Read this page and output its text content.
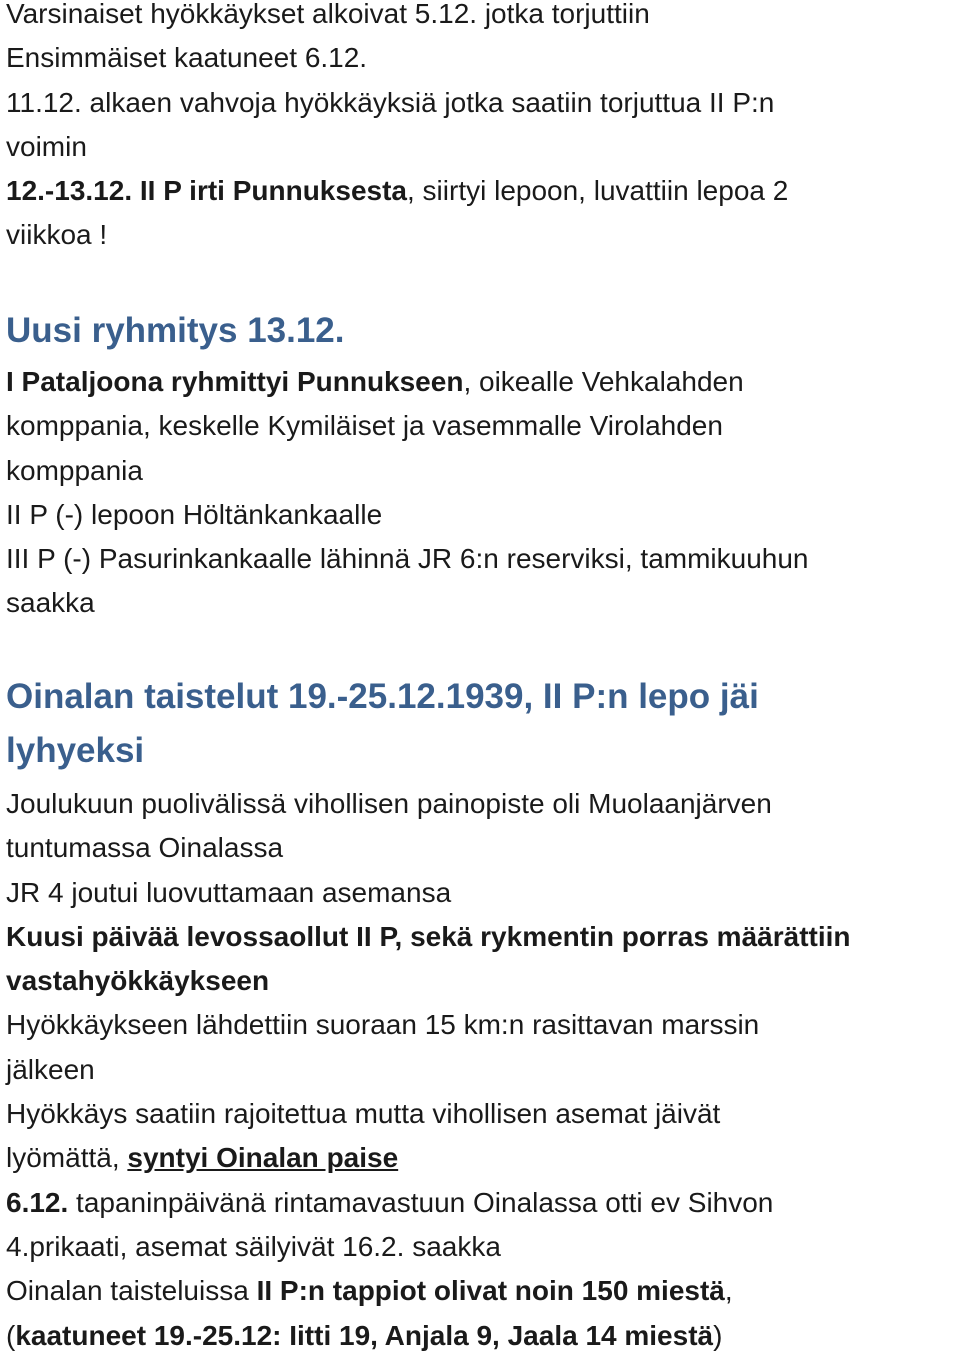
Varsinaiset hyökkäykset alkoivat 5.12. jotka torjuttiin

Ensimmäiset kaatuneet 6.12.

11.12. alkaen vahvoja hyökkäyksiä jotka saatiin torjuttua II P:n

voimin

12.-13.12. II P irti Punnuksesta, siirtyi lepoon, luvattiin lepoa 2

viikkoa !

Uusi ryhmitys 13.12.

I Pataljoona ryhmittyi Punnukseen, oikealle Vehkalahden

komppania, keskelle Kymiläiset ja vasemmalle Virolahden

komppania

II P (-) lepoon Höltänkankaalle

III P (-) Pasurinkankaalle lähinnä JR 6:n reserviksi, tammikuuhun

saakka

Oinalan taistelut 19.-25.12.1939, II P:n lepo jäi
lyhyeksi

Joulukuun puolivälissä vihollisen painopiste oli Muolaanjärven

tuntumassa Oinalassa

JR 4 joutui luovuttamaan asemansa

Kuusi päivää levossaollut II P, sekä rykmentin porras määrättiin

vastahyökkäykseen

Hyökkäykseen lähdettiin suoraan 15 km:n rasittavan marssin

jälkeen

Hyökkäys saatiin rajoitettua mutta vihollisen asemat jäivät

lyömättä, syntyi Oinalan paise

6.12. tapaninpäivänä rintamavastuun Oinalassa otti ev Sihvon

4.prikaati, asemat säilyivät 16.2. saakka

Oinalan taisteluissa II P:n tappiot olivat noin 150 miestä,

(kaatuneet 19.-25.12: Iitti 19, Anjala 9, Jaala 14 miestä)
